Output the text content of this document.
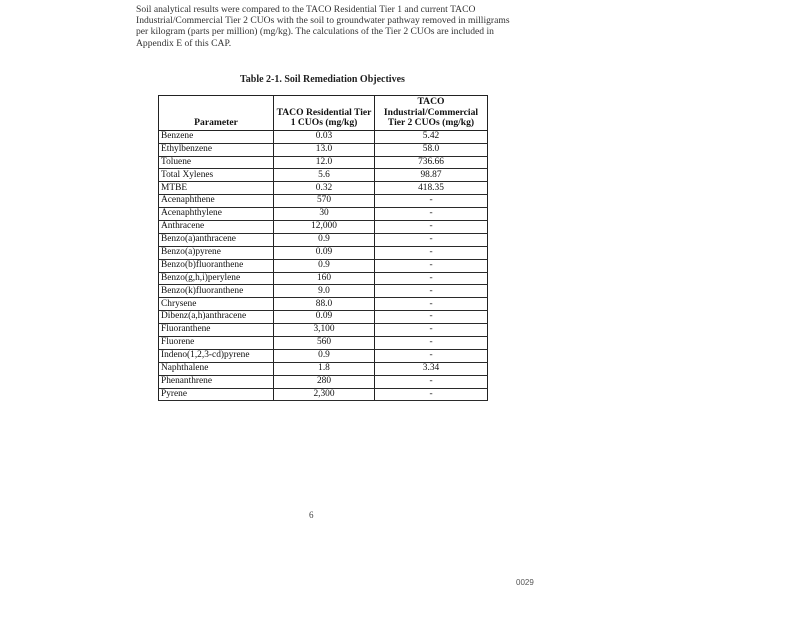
Soil analytical results were compared to the TACO Residential Tier 1 and current TACO Industrial/Commercial Tier 2 CUOs with the soil to groundwater pathway removed in milligrams per kilogram (parts per million) (mg/kg). The calculations of the Tier 2 CUOs are included in Appendix E of this CAP.

Table 2-1. Soil Remediation Objectives
Parameter	TACO Residential Tier 1 CUOs (mg/kg)	TACO Industrial/Commercial Tier 2 CUOs (mg/kg)
Benzene	0.03	5.42
Ethylbenzene	13.0	58.0
Toluene	12.0	736.66
Total Xylenes	5.6	98.87
MTBE	0.32	418.35
Acenaphthene	570	-
Acenaphthylene	30	-
Anthracene	12,000	-
Benzo(a)anthracene	0.9	-
Benzo(a)pyrene	0.09	-
Benzo(b)fluoranthene	0.9	-
Benzo(g,h,i)perylene	160	-
Benzo(k)fluoranthene	9.0	-
Chrysene	88.0	-
Dibenz(a,h)anthracene	0.09	-
Fluoranthene	3,100	-
Fluorene	560	-
Indeno(1,2,3-cd)pyrene	0.9	-
Naphthalene	1.8	3.34
Phenanthrene	280	-
Pyrene	2,300	-
6
0029
